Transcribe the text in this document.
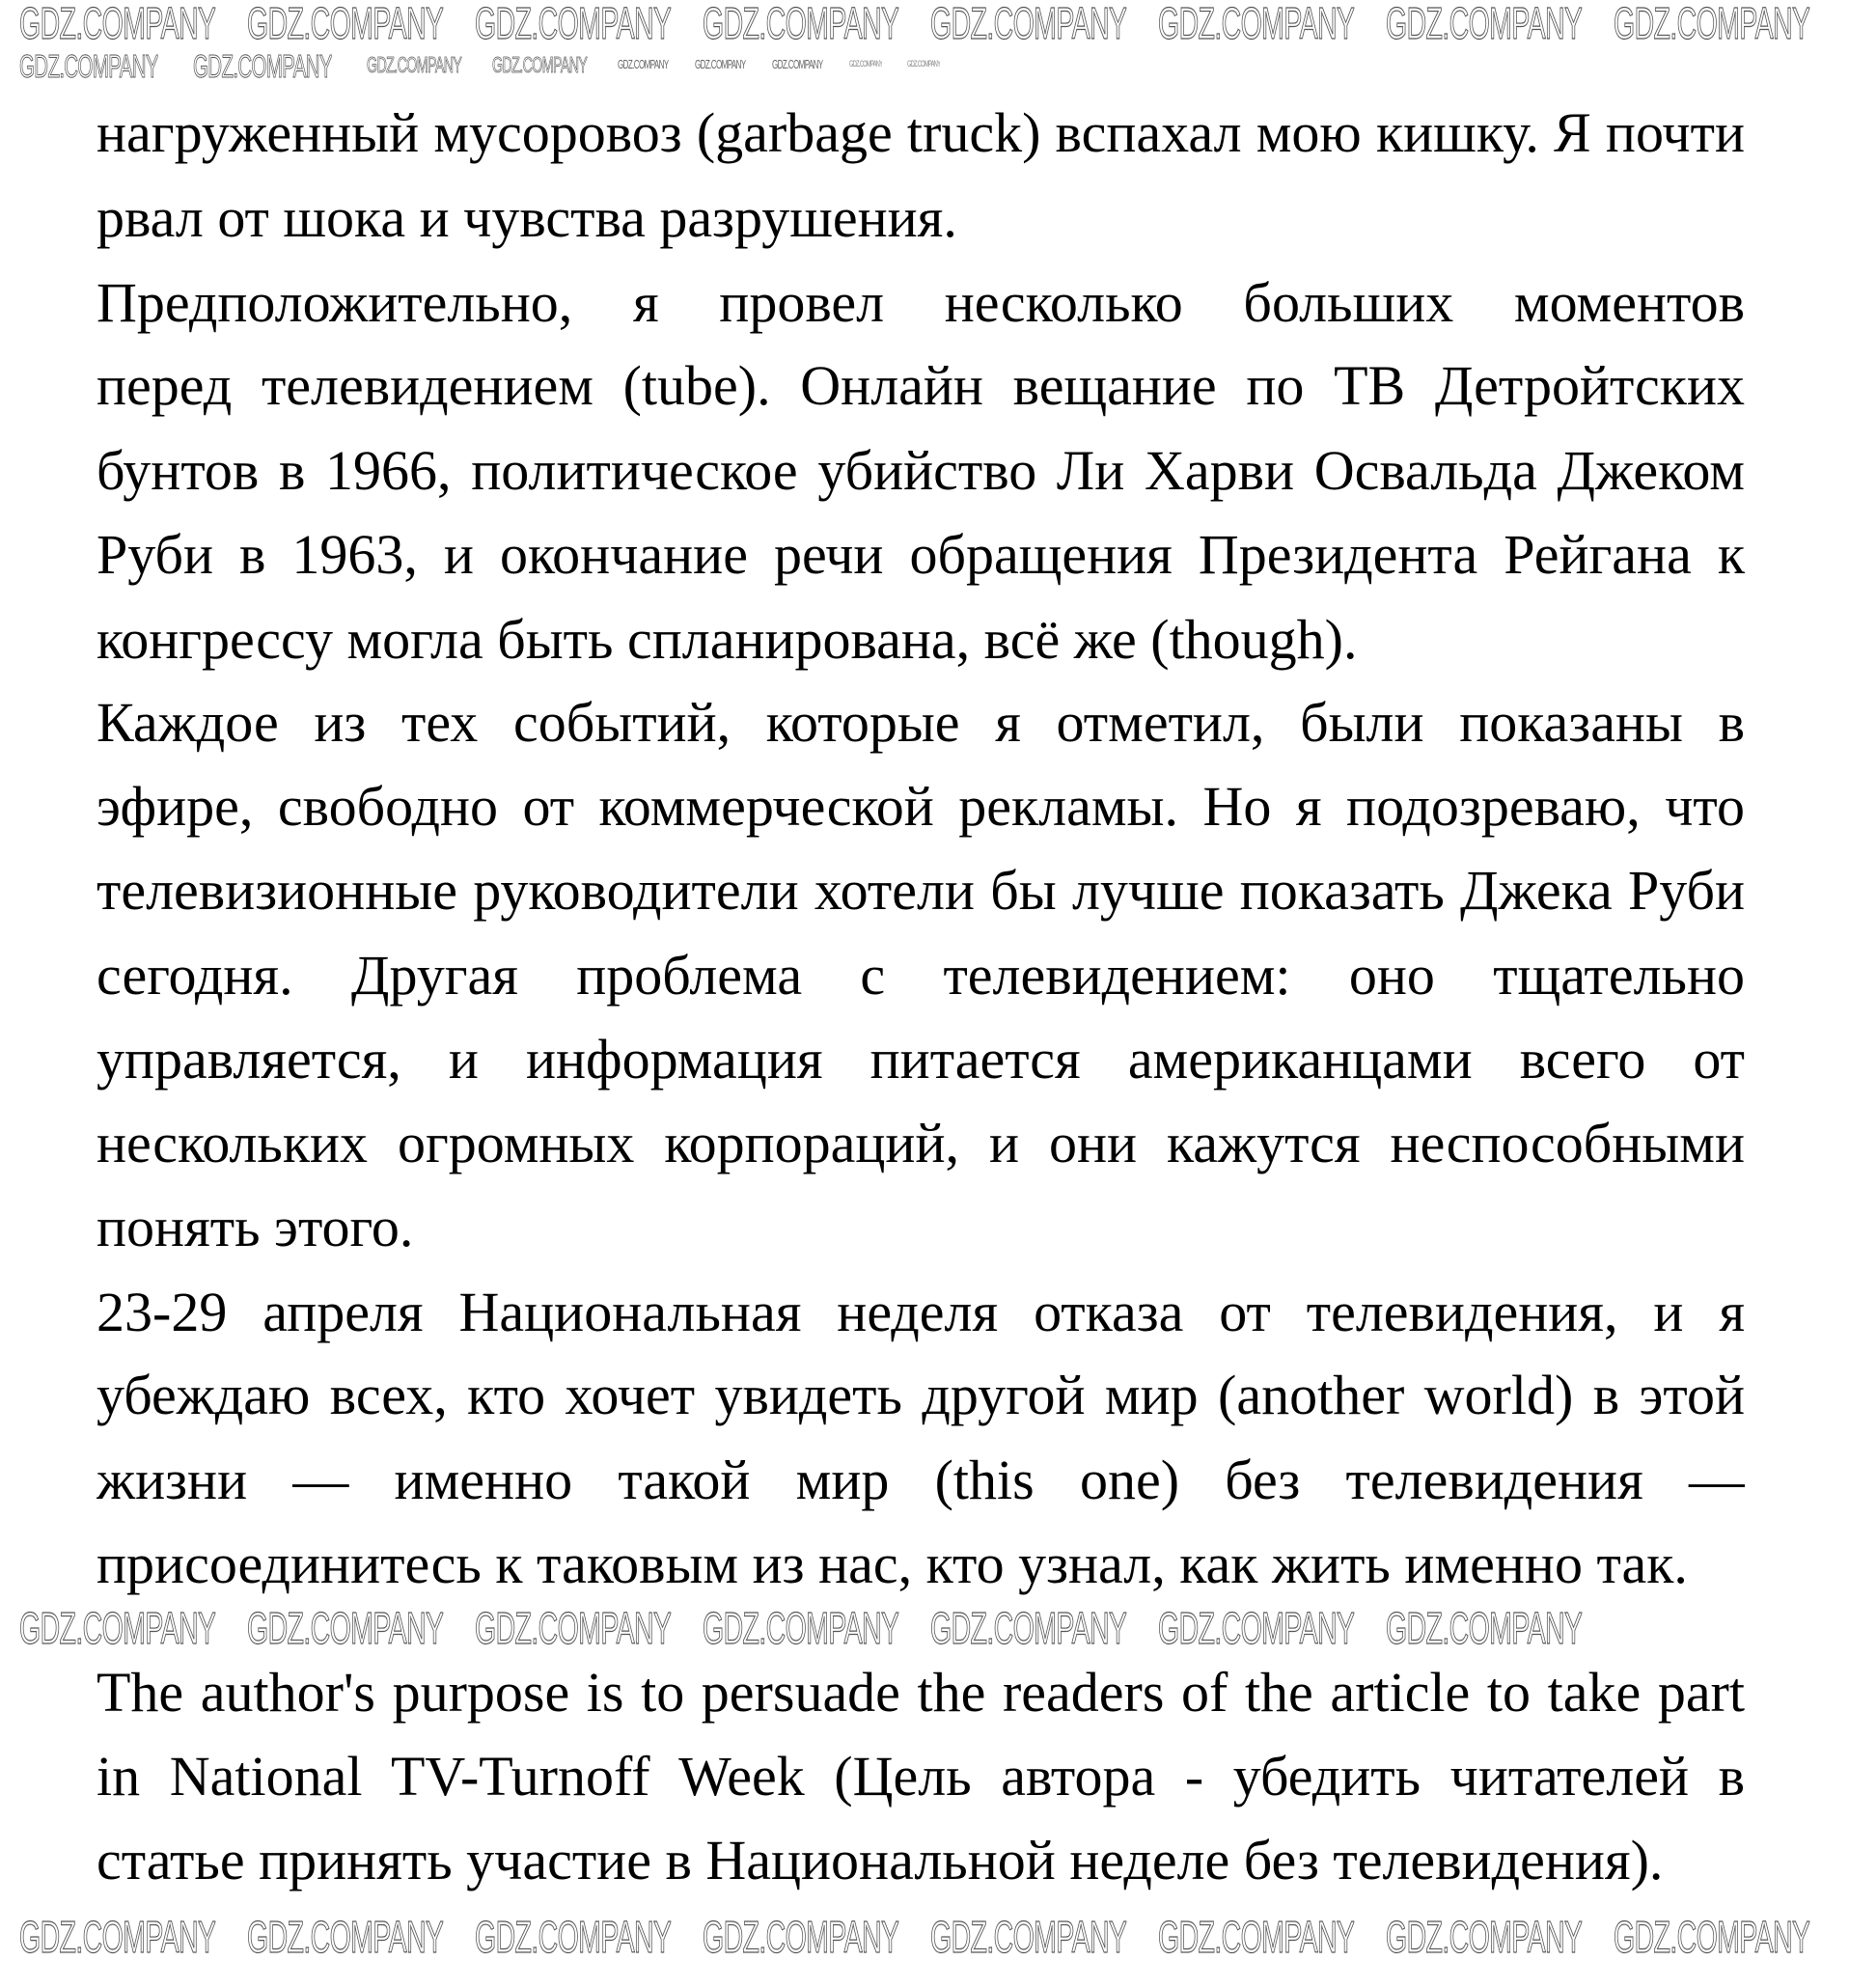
нагруженный мусоровоз (garbage truck) вспахал мою кишку. Я почти
рвал от шока и чувства разрушения.
Предположительно, я провел несколько больших моментов
перед телевидением (tube). Онлайн вещание по ТВ Детройтских
бунтов в 1966, политическое убийство Ли Харви Освальда Джеком
Руби в 1963, и окончание речи обращения Президента Рейгана к
конгрессу могла быть спланирована, всё же (though).
Каждое из тех событий, которые я отметил, были показаны в
эфире, свободно от коммерческой рекламы. Но я подозреваю, что
телевизионные руководители хотели бы лучше показать Джека Руби
сегодня. Другая проблема с телевидением: оно тщательно
управляется, и информация питается американцами всего от
нескольких огромных корпораций, и они кажутся неспособными
понять этого.
23-29 апреля Национальная неделя отказа от телевидения, и я
убеждаю всех, кто хочет увидеть другой мир (another world) в этой
жизни — именно такой мир (this one) без телевидения —
присоединитесь к таковым из нас, кто узнал, как жить именно так.
The author's purpose is to persuade the readers of the article to take part
in National TV-Turnoff Week (Цель автора - убедить читателей в
статье принять участие в Национальной неделе без телевидения).
GDZ.COMPANY GDZ.COMPANY GDZ.COMPANY GDZ.COMPANY GDZ.COMPANY GDZ.COMPANY GDZ.COMPANY GDZ.COMPANY
GDZ.COMPANY GDZ.COMPANY GDZ.COMPANY GDZ.COMPANY GDZ.COMPANY GDZ.COMPANY GDZ.COMPANY	GDZ.COMPANY	GDZ.COMPANY
GDZ.COMPANY GDZ.COMPANY GDZ.COMPANY GDZ.COMPANY GDZ.COMPANY GDZ.COMPANY GDZ.COMPANY
GDZ.COMPANY GDZ.COMPANY GDZ.COMPANY GDZ.COMPANY GDZ.COMPANY GDZ.COMPANY GDZ.COMPANY GDZ.COMPANY
